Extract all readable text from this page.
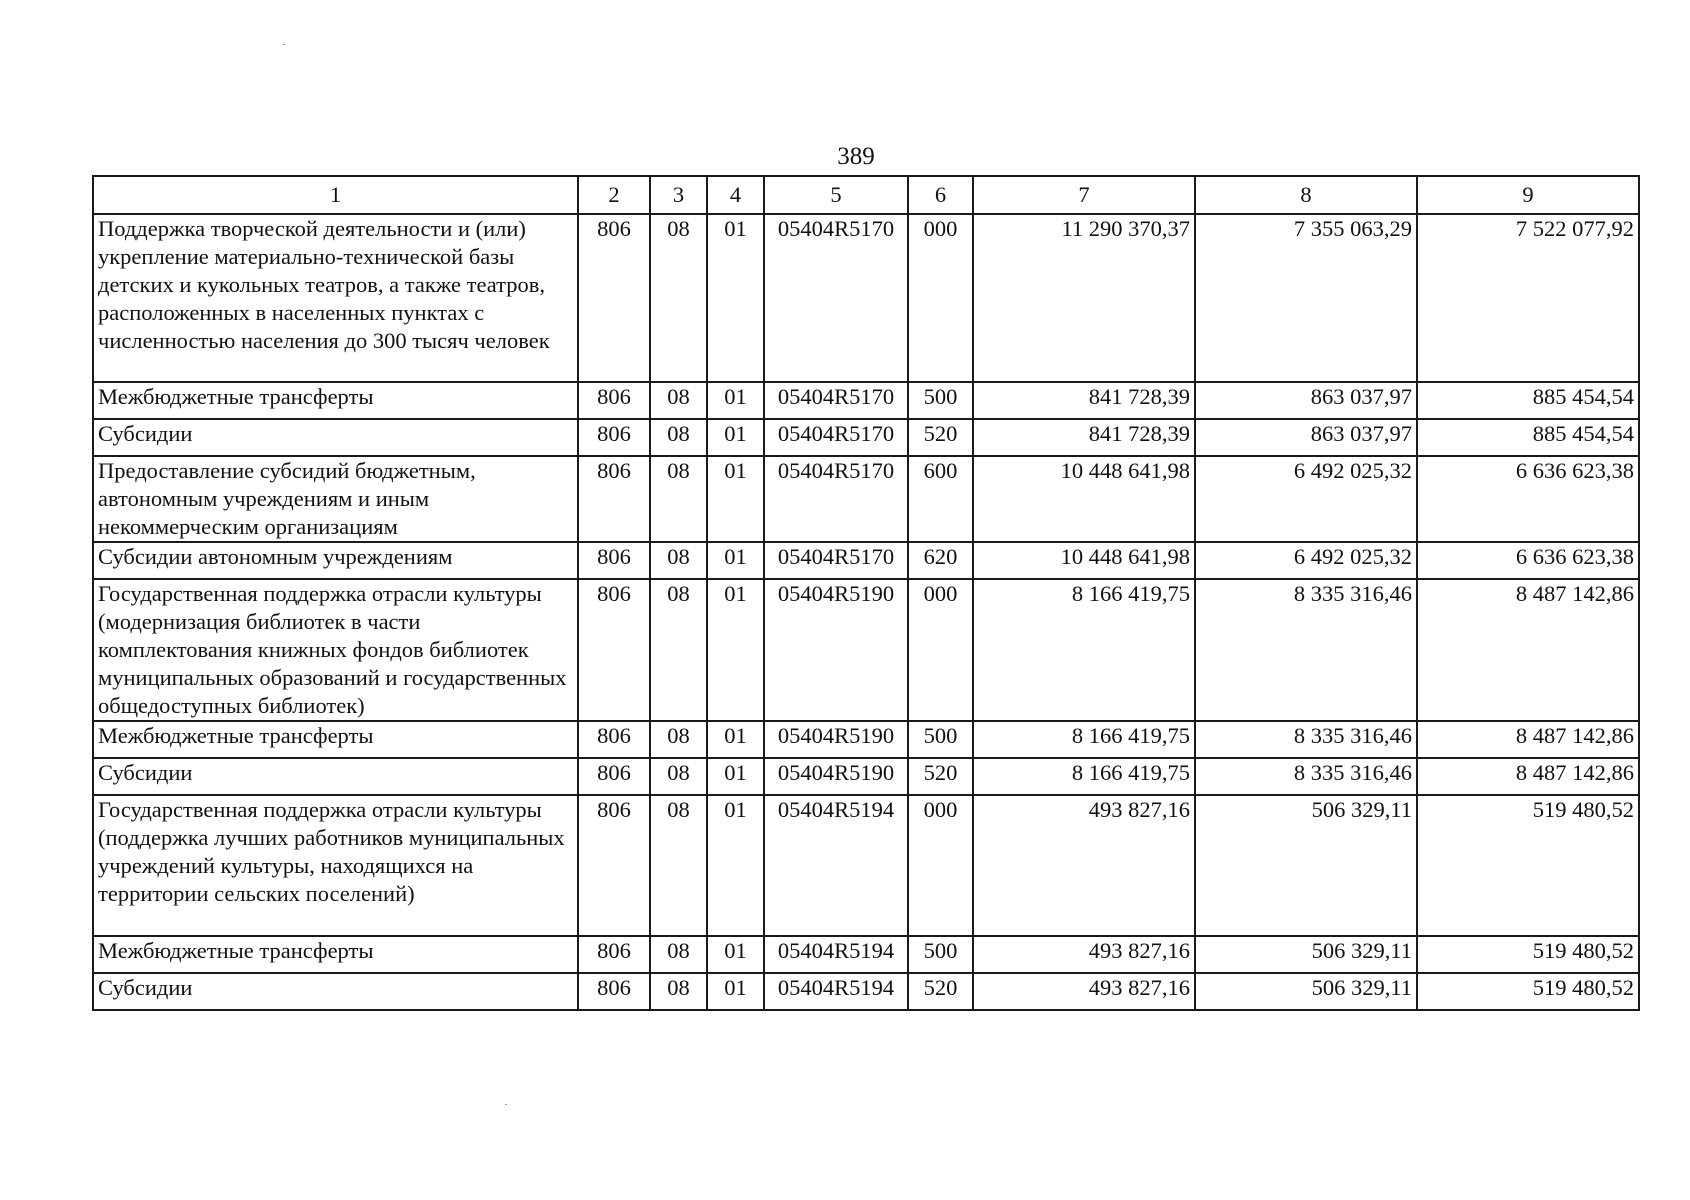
389
1	2	3	4	5	6	7	8	9
Поддержка творческой деятельности и (или) укрепление материально-технической базы детских и кукольных театров, а также театров, расположенных в населенных пунктах с численностью населения до 300 тысяч человек	806	08	01	05404R5170	000	11 290 370,37	7 355 063,29	7 522 077,92
Межбюджетные трансферты	806	08	01	05404R5170	500	841 728,39	863 037,97	885 454,54
Субсидии	806	08	01	05404R5170	520	841 728,39	863 037,97	885 454,54
Предоставление субсидий бюджетным, автономным учреждениям и иным некоммерческим организациям	806	08	01	05404R5170	600	10 448 641,98	6 492 025,32	6 636 623,38
Субсидии автономным учреждениям	806	08	01	05404R5170	620	10 448 641,98	6 492 025,32	6 636 623,38
Государственная поддержка отрасли культуры (модернизация библиотек в части комплектования книжных фондов библиотек муниципальных образований и государственных общедоступных библиотек)	806	08	01	05404R5190	000	8 166 419,75	8 335 316,46	8 487 142,86
Межбюджетные трансферты	806	08	01	05404R5190	500	8 166 419,75	8 335 316,46	8 487 142,86
Субсидии	806	08	01	05404R5190	520	8 166 419,75	8 335 316,46	8 487 142,86
Государственная поддержка отрасли культуры (поддержка лучших работников муниципальных учреждений культуры, находящихся на территории сельских поселений)	806	08	01	05404R5194	000	493 827,16	506 329,11	519 480,52
Межбюджетные трансферты	806	08	01	05404R5194	500	493 827,16	506 329,11	519 480,52
Субсидии	806	08	01	05404R5194	520	493 827,16	506 329,11	519 480,52
